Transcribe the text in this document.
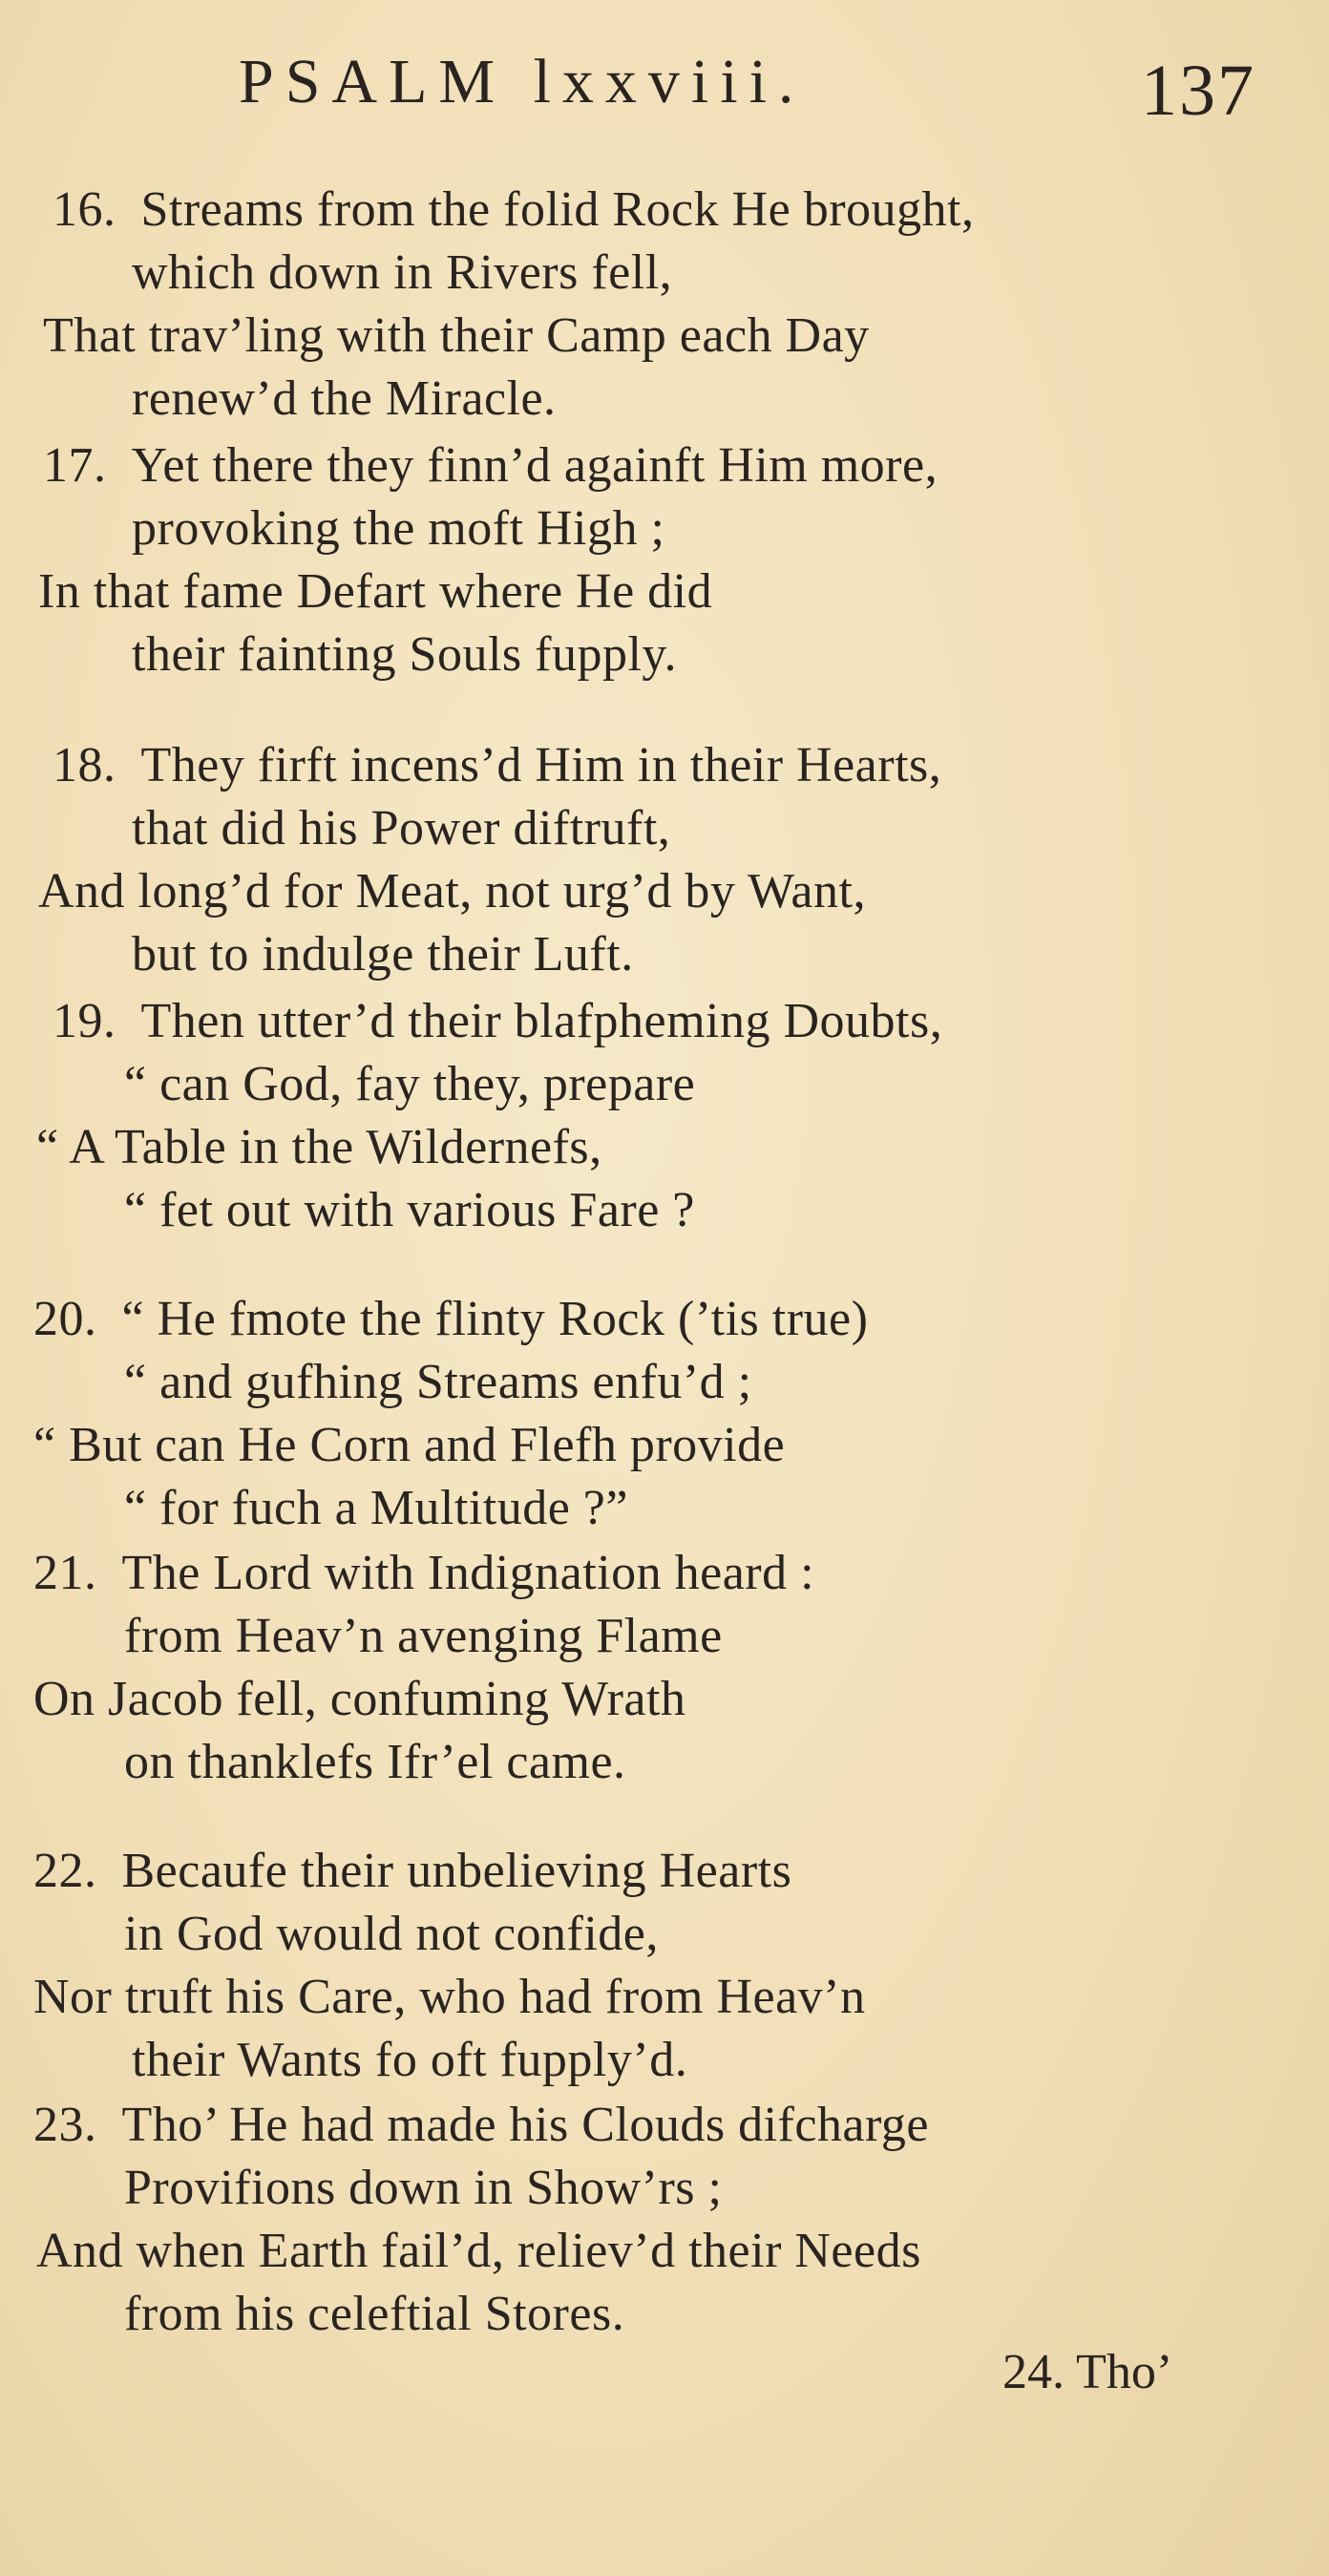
PSALM lxxviii.	137
16. Streams from the folid Rock He brought,
which down in Rivers fell,
That trav’ling with their Camp each Day
renew’d the Miracle.
17. Yet there they finn’d againft Him more,
provoking the moft High ;
In that fame Defart where He did
their fainting Souls fupply.
18. They firft incens’d Him in their Hearts,
that did his Power diftruft,
And long’d for Meat, not urg’d by Want,
but to indulge their Luft.
19. Then utter’d their blafpheming Doubts,
“ can God, fay they, prepare
“ A Table in the Wildernefs,
“ fet out with various Fare ?
20. “ He fmote the flinty Rock (’tis true)
“ and gufhing Streams enfu’d ;
“ But can He Corn and Flefh provide
“ for fuch a Multitude ?”
21. The Lord with Indignation heard :
from Heav’n avenging Flame
On Jacob fell, confuming Wrath
on thanklefs Ifr’el came.
22. Becaufe their unbelieving Hearts
in God would not confide,
Nor truft his Care, who had from Heav’n
their Wants fo oft fupply’d.
23. Tho’ He had made his Clouds difcharge
Provifions down in Show’rs ;
And when Earth fail’d, reliev’d their Needs
from his celeftial Stores.
24. Tho’
